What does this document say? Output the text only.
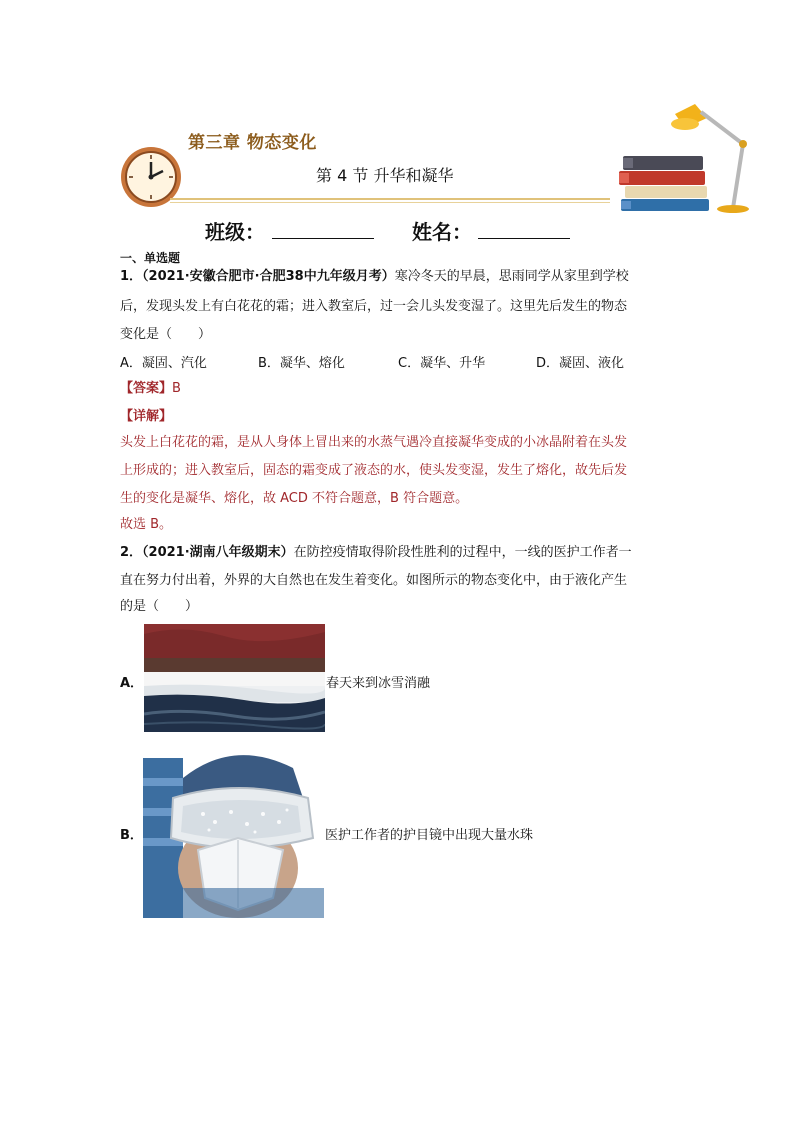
第三章 物态变化
第 4 节 升华和凝华
班级：	姓名：
一、单选题
1．（2021·安徽合肥市·合肥38中九年级月考）寒冷冬天的早晨，思雨同学从家里到学校
后，发现头发上有白花花的霜；进入教室后，过一会儿头发变湿了。这里先后发生的物态
变化是（　　）
A．凝固、汽化	B．凝华、熔化	C．凝华、升华	D．凝固、液化
【答案】B
【详解】
头发上白花花的霜，是从人身体上冒出来的水蒸气遇冷直接凝华变成的小冰晶附着在头发
上形成的；进入教室后，固态的霜变成了液态的水，使头发变湿，发生了熔化，故先后发
生的变化是凝华、熔化，故 ACD 不符合题意，B 符合题意。
故选 B。
2．（2021·湖南八年级期末）在防控疫情取得阶段性胜利的过程中，一线的医护工作者一
直在努力付出着，外界的大自然也在发生着变化。如图所示的物态变化中，由于液化产生
的是（　　）
A．	春天来到冰雪消融
B．	医护工作者的护目镜中出现大量水珠
